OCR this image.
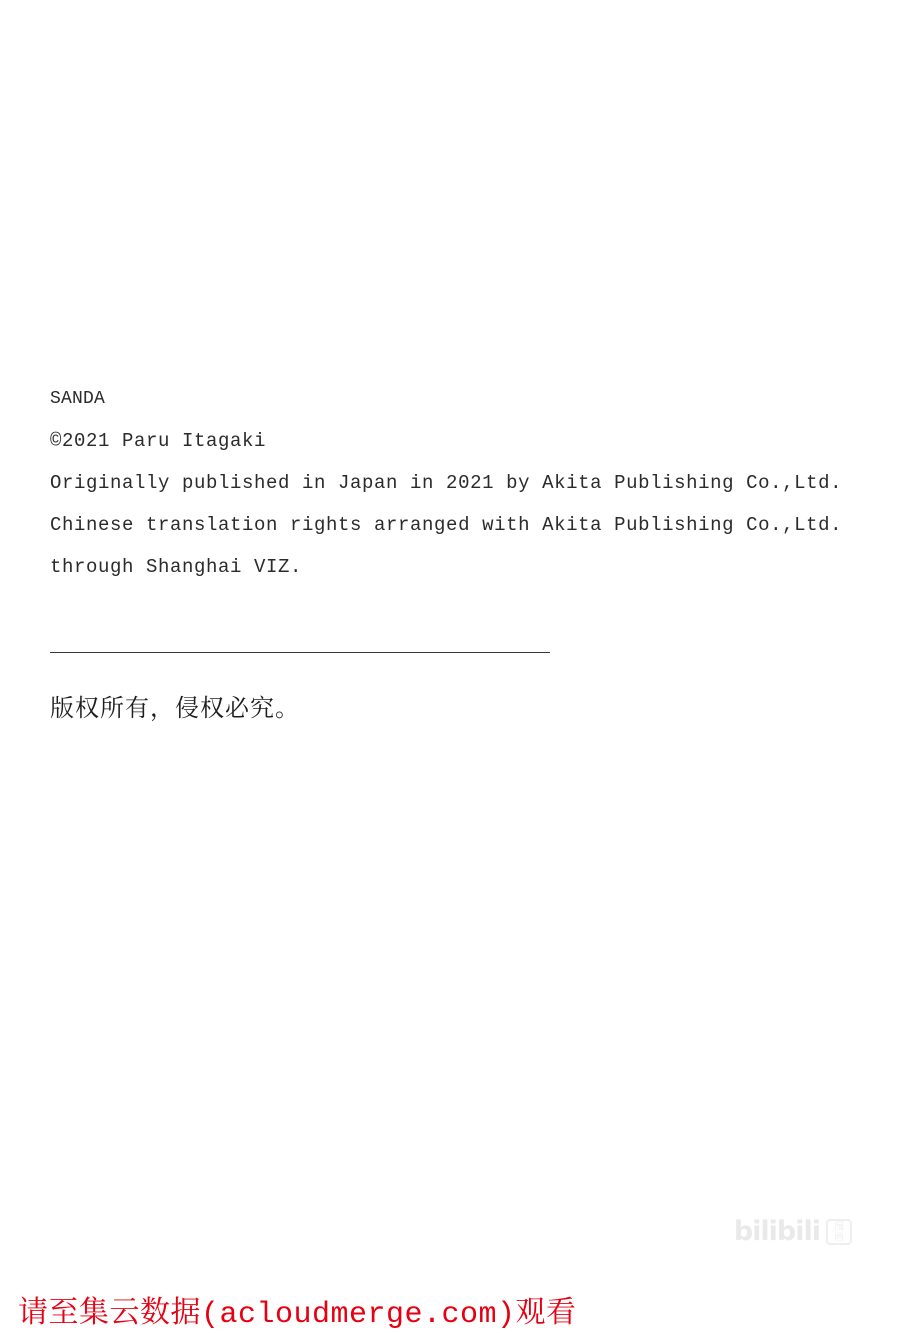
SANDA
©2021 Paru Itagaki
Originally published in Japan in 2021 by Akita Publishing Co.,Ltd.
Chinese translation rights arranged with Akita Publishing Co.,Ltd.
through Shanghai VIZ.
版权所有，侵权必究。
bilibili	漫
画
请至集云数据(acloudmerge.com)观看
